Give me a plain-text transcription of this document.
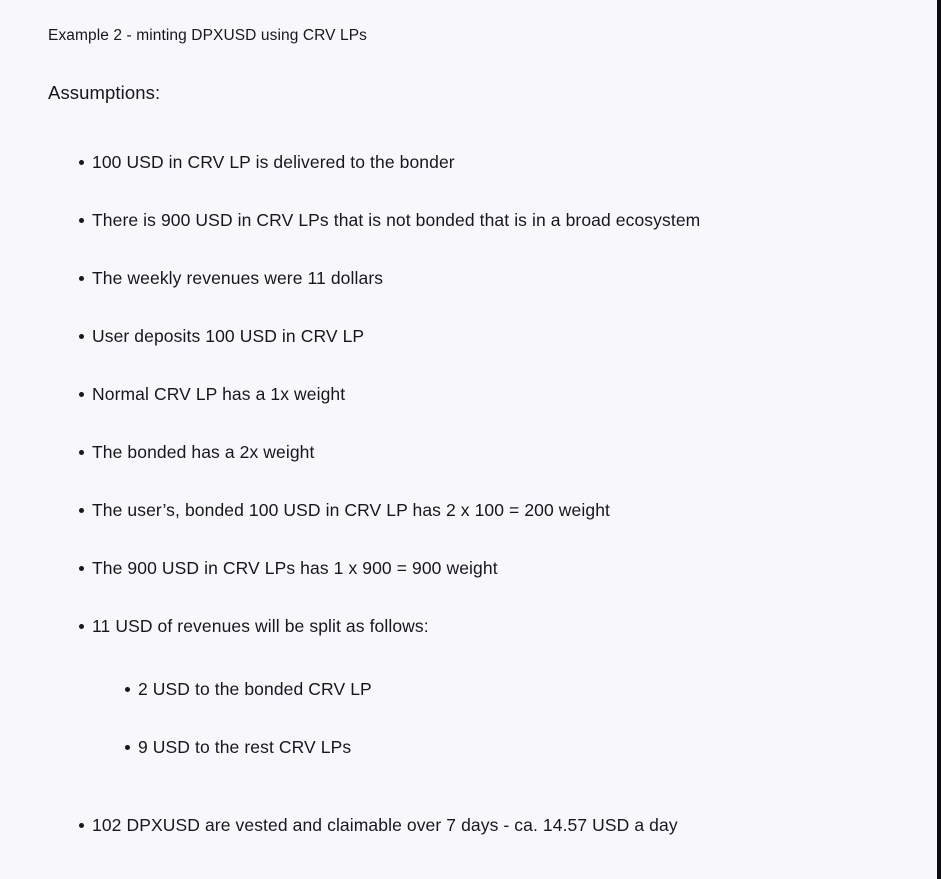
Example 2 - minting DPXUSD using CRV LPs
Assumptions:
100 USD in CRV LP is delivered to the bonder
There is 900 USD in CRV LPs that is not bonded that is in a broad ecosystem
The weekly revenues were 11 dollars
User deposits 100 USD in CRV LP
Normal CRV LP has a 1x weight
The bonded has a 2x weight
The user’s, bonded 100 USD in CRV LP has 2 x 100 = 200 weight
The 900 USD in CRV LPs has 1 x 900 = 900 weight
11 USD of revenues will be split as follows:
2 USD to the bonded CRV LP
9 USD to the rest CRV LPs
102 DPXUSD are vested and claimable over 7 days - ca. 14.57 USD a day
